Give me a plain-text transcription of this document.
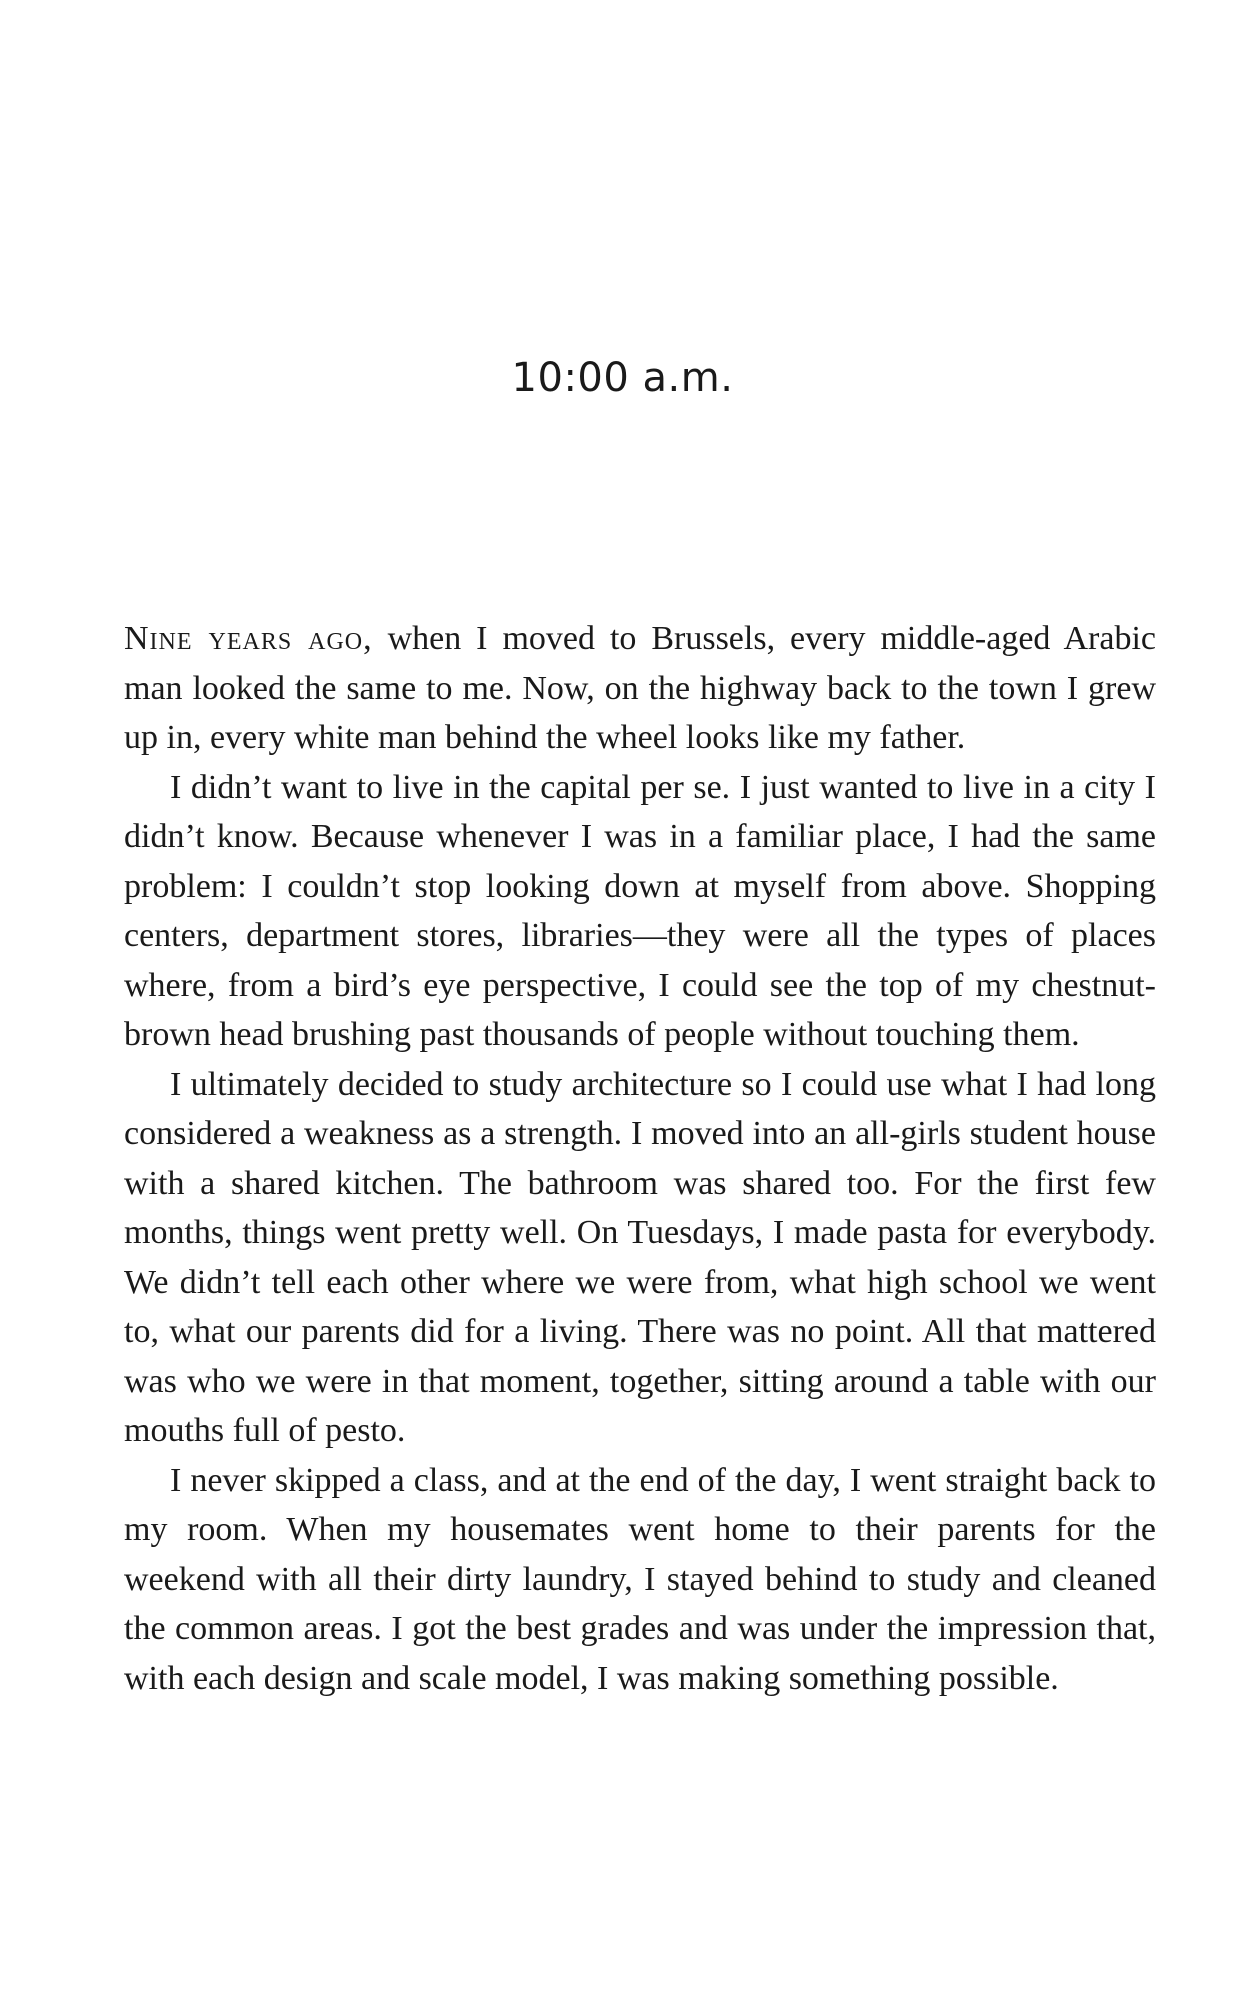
10:00 a.m.

Nine years ago, when I moved to Brussels, every middle-aged Arabic man looked the same to me. Now, on the highway back to the town I grew up in, every white man behind the wheel looks like my father.

I didn’t want to live in the capital per se. I just wanted to live in a city I didn’t know. Because whenever I was in a familiar place, I had the same problem: I couldn’t stop looking down at myself from above. Shopping centers, department stores, libraries—they were all the types of places where, from a bird’s eye perspective, I could see the top of my chestnut-brown head brushing past thousands of people without touching them.

I ultimately decided to study architecture so I could use what I had long considered a weakness as a strength. I moved into an all-girls student house with a shared kitchen. The bathroom was shared too. For the first few months, things went pretty well. On Tuesdays, I made pasta for everybody. We didn’t tell each other where we were from, what high school we went to, what our parents did for a living. There was no point. All that mattered was who we were in that moment, together, sitting around a table with our mouths full of pesto.

I never skipped a class, and at the end of the day, I went straight back to my room. When my housemates went home to their parents for the weekend with all their dirty laundry, I stayed behind to study and cleaned the common areas. I got the best grades and was under the impression that, with each design and scale model, I was making something possible.
